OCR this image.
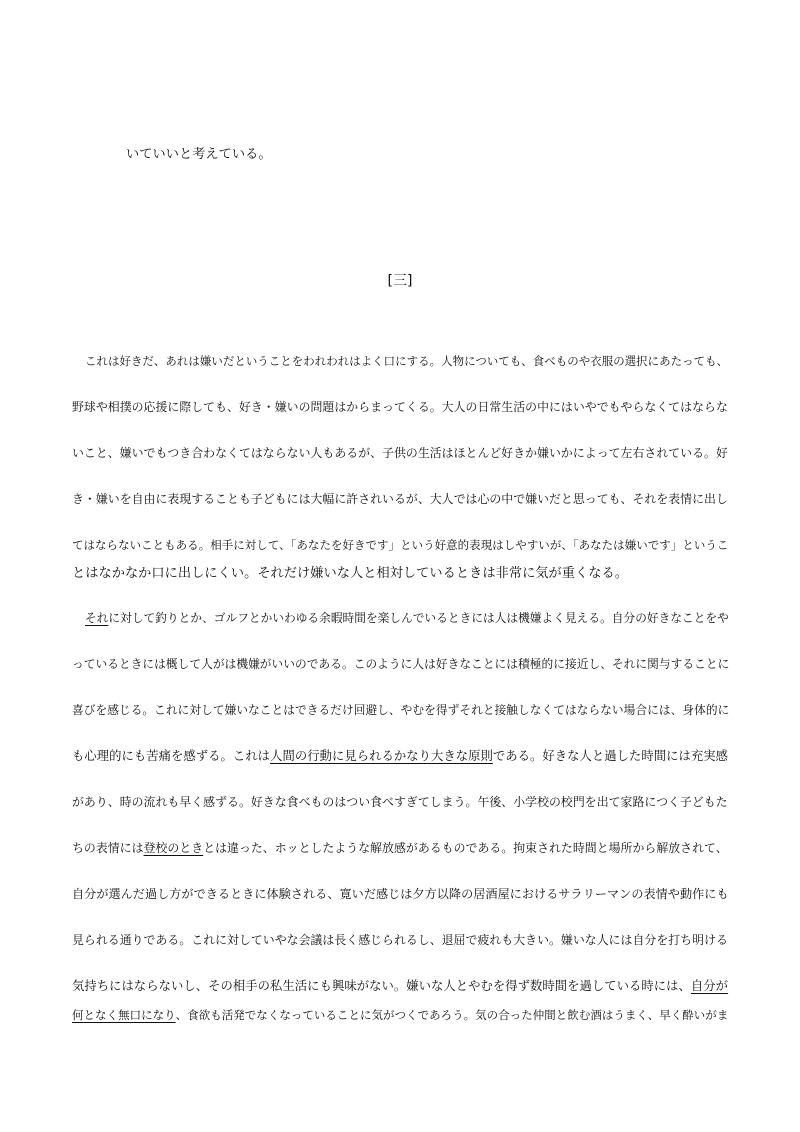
いていいと考えている。
[三]
これは好きだ、あれは嫌いだということをわれわれはよく口にする。人物についても、食べものや衣服の選択にあたっても、
野球や相撲の応援に際しても、好き・嫌いの問題はからまってくる。大人の日常生活の中にはいやでもやらなくてはならな
いこと、嫌いでもつき合わなくてはならない人もあるが、子供の生活はほとんど好きか嫌いかによって左右されている。好
き・嫌いを自由に表現することも子どもには大幅に許されいるが、大人では心の中で嫌いだと思っても、それを表情に出し
てはならないこともある。相手に対して、「あなたを好きです」という好意的表現はしやすいが、「あなたは嫌いです」というこ
とはなかなか口に出しにくい。それだけ嫌いな人と相対しているときは非常に気が重くなる。
それに対して釣りとか、ゴルフとかいわゆる余暇時間を楽しんでいるときには人は機嫌よく見える。自分の好きなことをや
っているときには概して人がは機嫌がいいのである。このように人は好きなことには積極的に接近し、それに関与することに
喜びを感じる。これに対して嫌いなことはできるだけ回避し、やむを得ずそれと接触しなくてはならない場合には、身体的に
も心理的にも苦痛を感ずる。これは人間の行動に見られるかなり大きな原則である。好きな人と過した時間には充実感
があり、時の流れも早く感ずる。好きな食べものはつい食べすぎてしまう。午後、小学校の校門を出て家路につく子どもた
ちの表情には登校のときとは違った、ホッとしたような解放感があるものである。拘束された時間と場所から解放されて、
自分が選んだ過し方ができるときに体験される、寛いだ感じは夕方以降の居酒屋におけるサラリーマンの表情や動作にも
見られる通りである。これに対していやな会議は長く感じられるし、退屈で疲れも大きい。嫌いな人には自分を打ち明ける
気持ちにはならないし、その相手の私生活にも興味がない。嫌いな人とやむを得ず数時間を過している時には、自分が
何となく無口になり、食欲も活発でなくなっていることに気がつくであろう。気の合った仲間と飲む酒はうまく、早く酔いがま
